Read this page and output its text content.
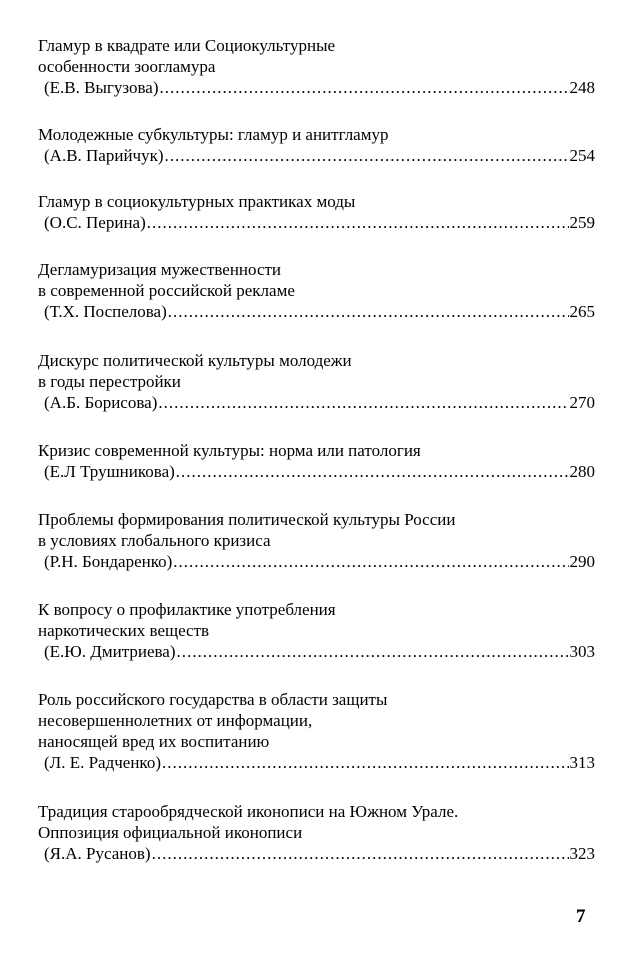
Гламур в квадрате или Социокультурные
особенности зоогламура
(Е.В. Выгузова) .....	248
Молодежные субкультуры: гламур и анитгламур
(А.В. Парийчук) .....	254
Гламур в социокультурных практиках моды
(О.С. Перина) .....	259
Дегламуризация мужественности
в современной российской рекламе
(Т.Х. Поспелова) .....	265
Дискурс политической культуры молодежи
в годы перестройки
(А.Б. Борисова) .....	270
Кризис современной культуры: норма или патология
(Е.Л Трушникова) .....	280
Проблемы формирования политической культуры России
в условиях глобального кризиса
(Р.Н. Бондаренко) .....	290
К вопросу о профилактике употребления
наркотических веществ
(Е.Ю. Дмитриева) .....	303
Роль российского государства в области защиты
несовершеннолетних от информации,
наносящей вред их воспитанию
(Л. Е. Радченко) .....	313
Традиция старообрядческой иконописи на Южном Урале.
Оппозиция официальной иконописи
(Я.А. Русанов) .....	323
7
